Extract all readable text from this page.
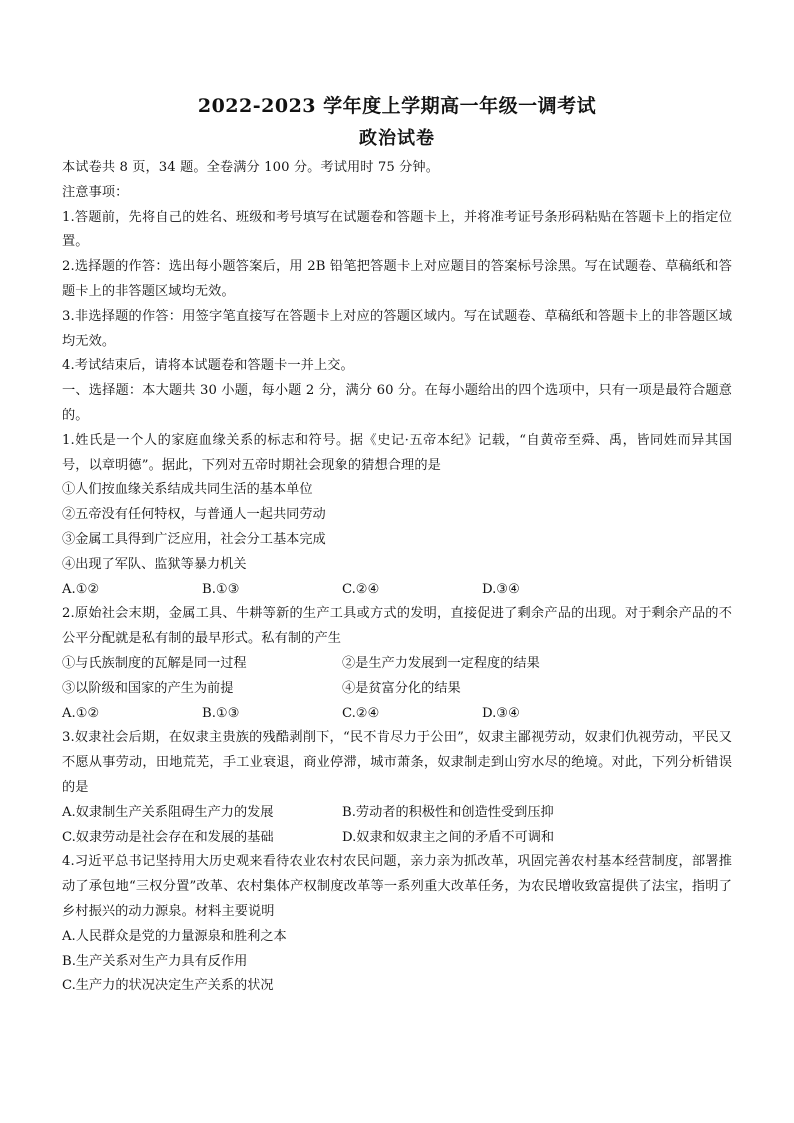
2022-2023 学年度上学期高一年级一调考试
政治试卷

本试卷共 8 页，34 题。全卷满分 100 分。考试用时 75 分钟。

注意事项：

1.答题前，先将自己的姓名、班级和考号填写在试题卷和答题卡上，并将准考证号条形码粘贴在答题卡上的指定位置。

2.选择题的作答：选出每小题答案后，用 2B 铅笔把答题卡上对应题目的答案标号涂黑。写在试题卷、草稿纸和答题卡上的非答题区域均无效。

3.非选择题的作答：用签字笔直接写在答题卡上对应的答题区域内。写在试题卷、草稿纸和答题卡上的非答题区域均无效。

4.考试结束后，请将本试题卷和答题卡一并上交。

一、选择题：本大题共 30 小题，每小题 2 分，满分 60 分。在每小题给出的四个选项中，只有一项是最符合题意的。

1.姓氏是一个人的家庭血缘关系的标志和符号。据《史记·五帝本纪》记载，“自黄帝至舜、禹，皆同姓而异其国号，以章明德”。据此，下列对五帝时期社会现象的猜想合理的是

①人们按血缘关系结成共同生活的基本单位

②五帝没有任何特权，与普通人一起共同劳动

③金属工具得到广泛应用，社会分工基本完成

④出现了军队、监狱等暴力机关

A.①②	B.①③	C.②④	D.③④

2.原始社会末期，金属工具、牛耕等新的生产工具或方式的发明，直接促进了剩余产品的出现。对于剩余产品的不公平分配就是私有制的最早形式。私有制的产生

①与氏族制度的瓦解是同一过程	②是生产力发展到一定程度的结果
③以阶级和国家的产生为前提	④是贫富分化的结果
A.①②	B.①③	C.②④	D.③④

3.奴隶社会后期，在奴隶主贵族的残酷剥削下，“民不肯尽力于公田”，奴隶主鄙视劳动，奴隶们仇视劳动，平民又不愿从事劳动，田地荒芜，手工业衰退，商业停滞，城市萧条，奴隶制走到山穷水尽的绝境。对此，下列分析错误的是

A.奴隶制生产关系阻碍生产力的发展	B.劳动者的积极性和创造性受到压抑
C.奴隶劳动是社会存在和发展的基础	D.奴隶和奴隶主之间的矛盾不可调和

4.习近平总书记坚持用大历史观来看待农业农村农民问题，亲力亲为抓改革，巩固完善农村基本经营制度，部署推动了承包地“三权分置”改革、农村集体产权制度改革等一系列重大改革任务，为农民增收致富提供了法宝，指明了乡村振兴的动力源泉。材料主要说明

A.人民群众是党的力量源泉和胜利之本

B.生产关系对生产力具有反作用

C.生产力的状况决定生产关系的状况
